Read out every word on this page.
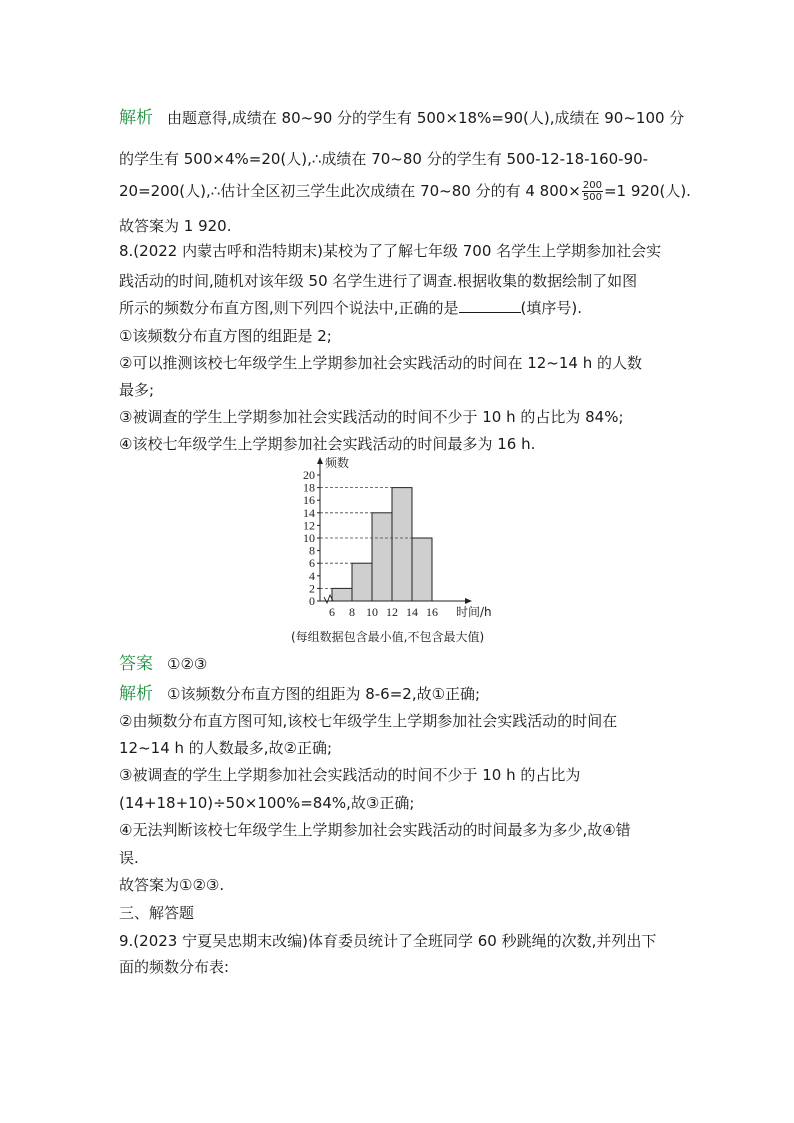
解析 由题意得,成绩在 80~90 分的学生有 500×18%=90(人),成绩在 90~100 分
的学生有 500×4%=20(人),∴成绩在 70~80 分的学生有 500-12-18-160-90-
20=200(人),∴估计全区初三学生此次成绩在 70~80 分的有 4 $800\times \frac{200}{500} =1$ 920(人).
故答案为 1 920.
8.(2022 内蒙古呼和浩特期末)某校为了了解七年级 700 名学生上学期参加社会实
践活动的时间,随机对该年级 50 名学生进行了调查.根据收集的数据绘制了如图
所示的频数分布直方图,则下列四个说法中,正确的是	(填序号).
①该频数分布直方图的组距是 2;
②可以推测该校七年级学生上学期参加社会实践活动的时间在 12~14 h 的人数
最多;
③被调查的学生上学期参加社会实践活动的时间不少于 10 h 的占比为 84%;
④该校七年级学生上学期参加社会实践活动的时间最多为 16 h.
0
2
4
6
8
10
12
14
16
18
20
6 8 10 12 14 16
频数
时间/h
(每组数据包含最小值,不包含最大值)
答案 ①②③
解析 ①该频数分布直方图的组距为 8-6=2,故①正确;
②由频数分布直方图可知,该校七年级学生上学期参加社会实践活动的时间在
12~14 h 的人数最多,故②正确;
③被调查的学生上学期参加社会实践活动的时间不少于 10 h 的占比为
(14+18+10)÷50×100%=84%,故③正确;
④无法判断该校七年级学生上学期参加社会实践活动的时间最多为多少,故④错
误.
故答案为①②③.
三、解答题
9.(2023 宁夏吴忠期末改编)体育委员统计了全班同学 60 秒跳绳的次数,并列出下
面的频数分布表:
